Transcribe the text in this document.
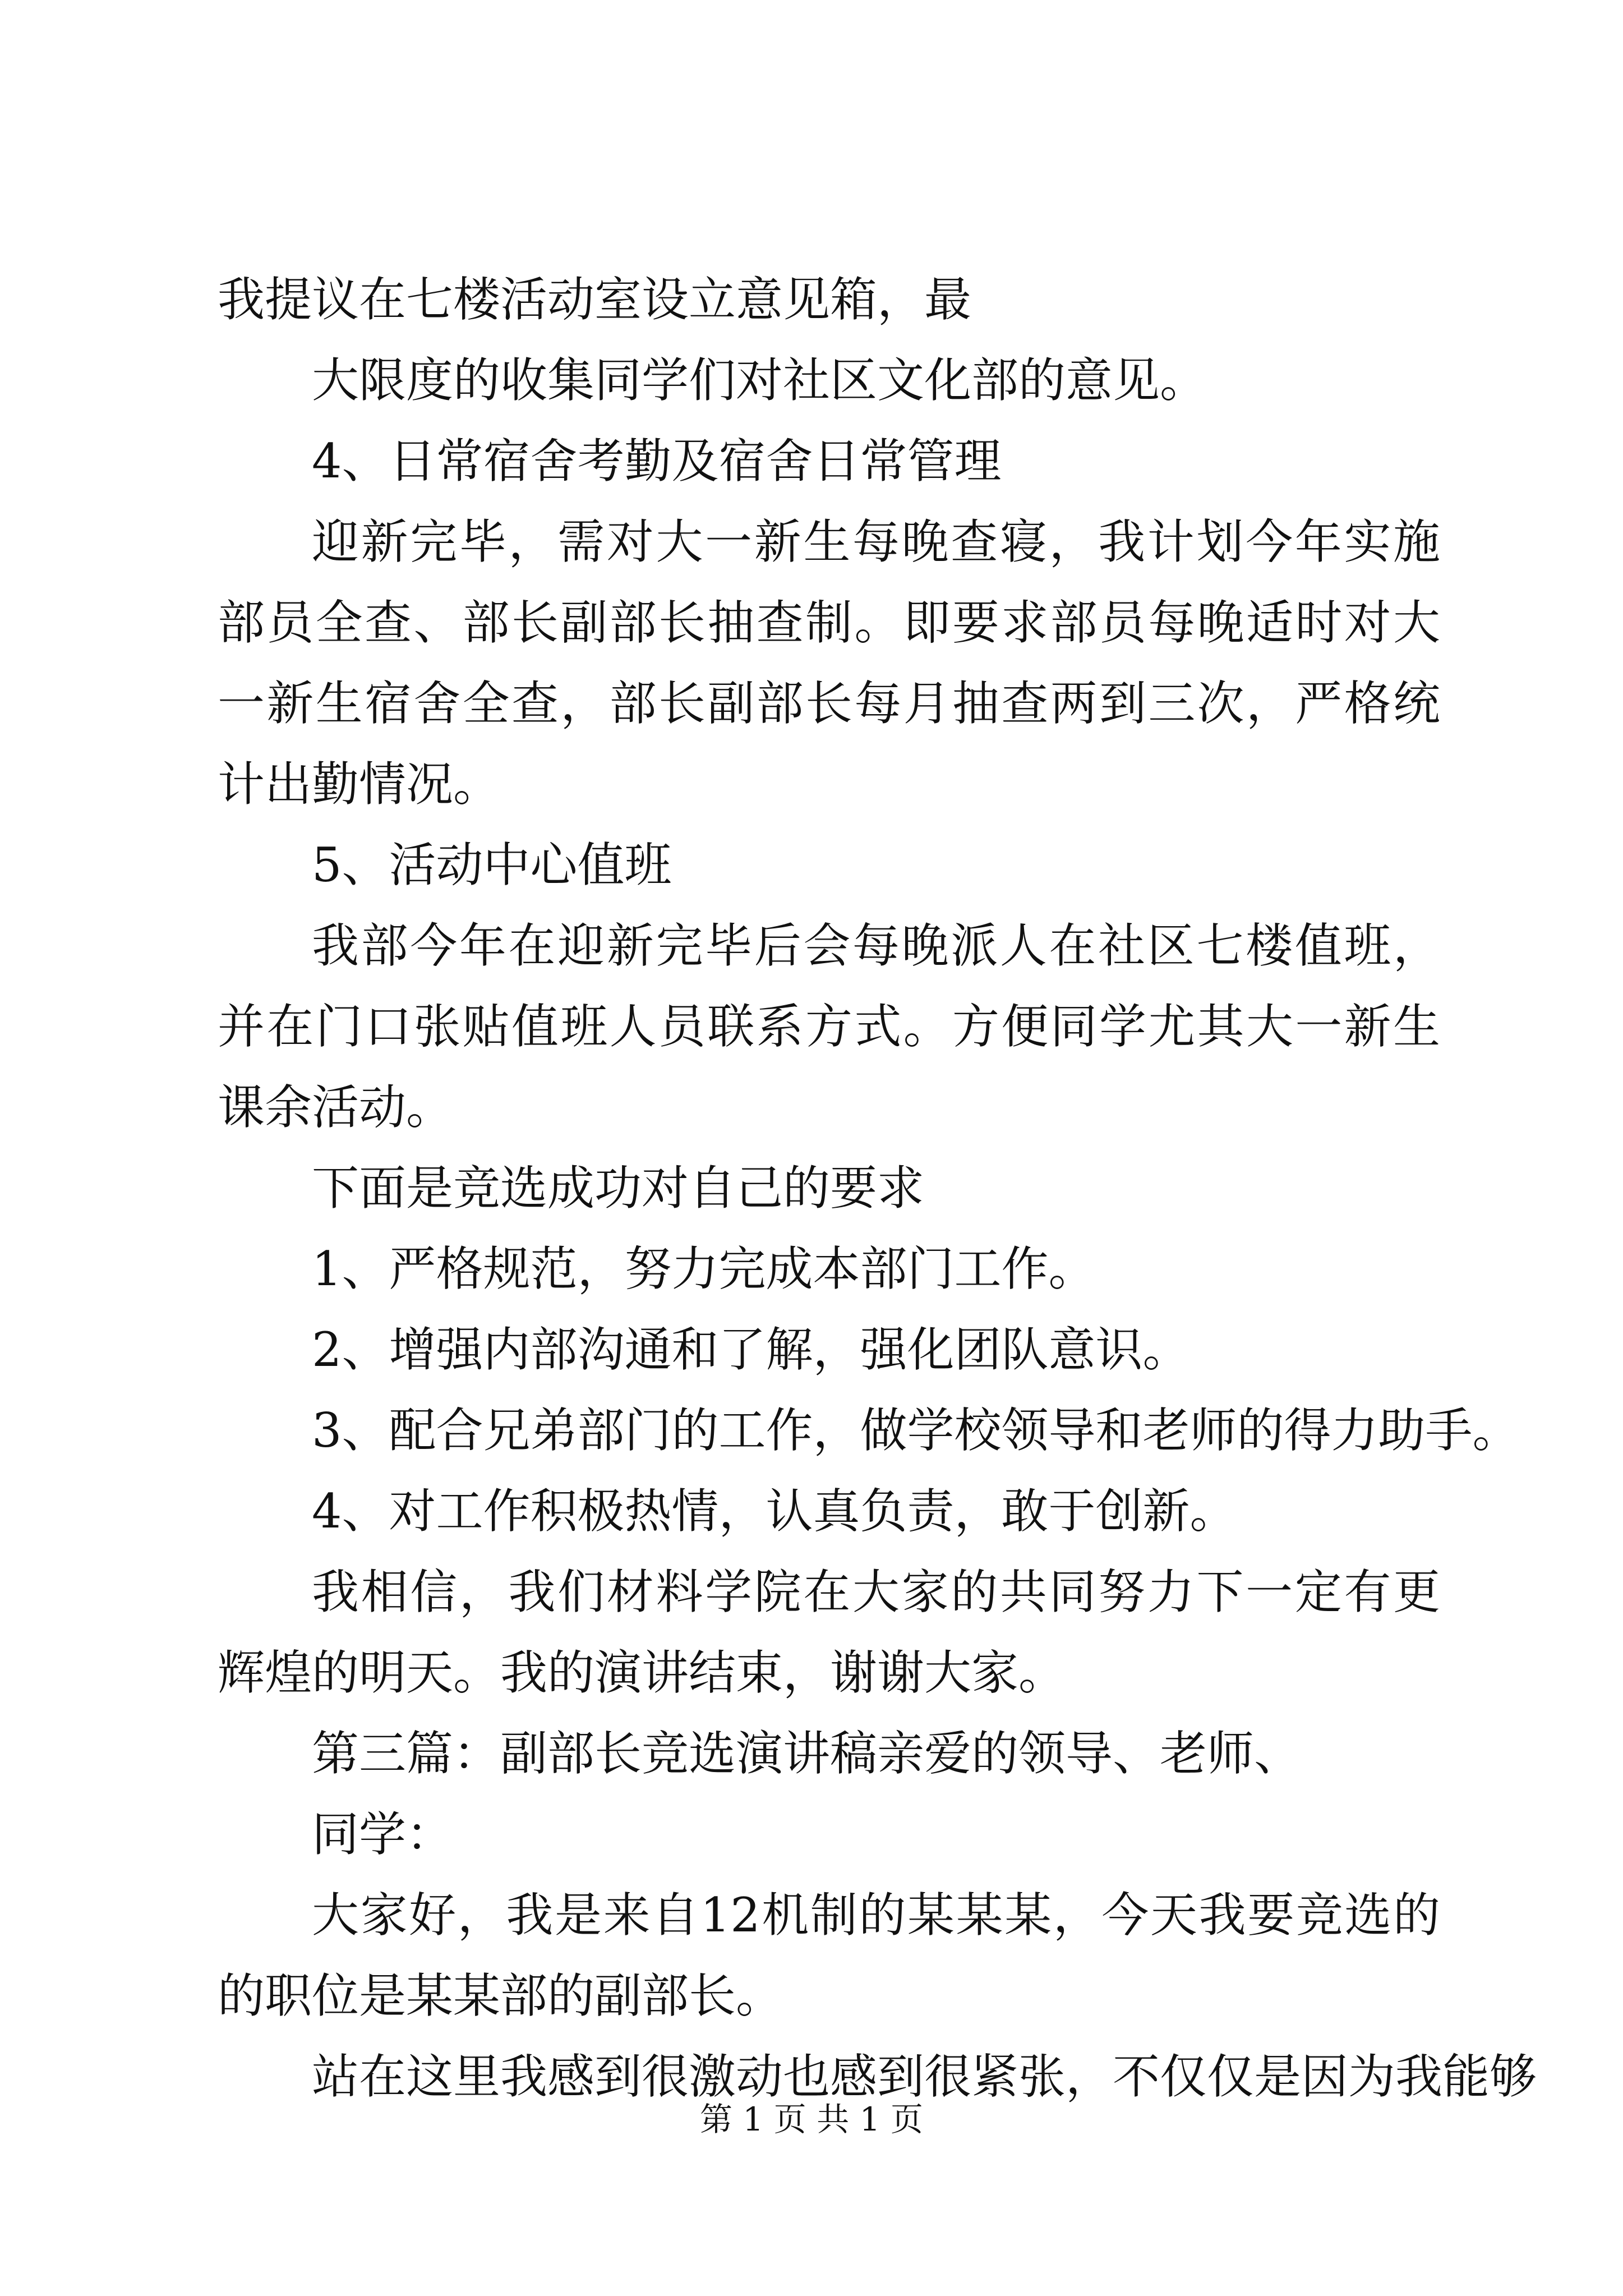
我提议在七楼活动室设立意见箱，最

大限度的收集同学们对社区文化部的意见。

4、日常宿舍考勤及宿舍日常管理

迎新完毕，需对大一新生每晚查寝，我计划今年实施部员全查、部长副部长抽查制。即要求部员每晚适时对大一新生宿舍全查，部长副部长每月抽查两到三次，严格统计出勤情况。

5、活动中心值班

我部今年在迎新完毕后会每晚派人在社区七楼值班，并在门口张贴值班人员联系方式。方便同学尤其大一新生课余活动。

下面是竞选成功对自己的要求

1、严格规范，努力完成本部门工作。

2、增强内部沟通和了解，强化团队意识。

3、配合兄弟部门的工作，做学校领导和老师的得力助手。

4、对工作积极热情，认真负责，敢于创新。

我相信，我们材料学院在大家的共同努力下一定有更辉煌的明天。我的演讲结束，谢谢大家。

第三篇：副部长竞选演讲稿亲爱的领导、老师、

同学：

大家好，我是来自12机制的某某某，今天我要竞选的的职位是某某部的副部长。

站在这里我感到很激动也感到很紧张，不仅仅是因为我能够

第 1 页 共 1 页
